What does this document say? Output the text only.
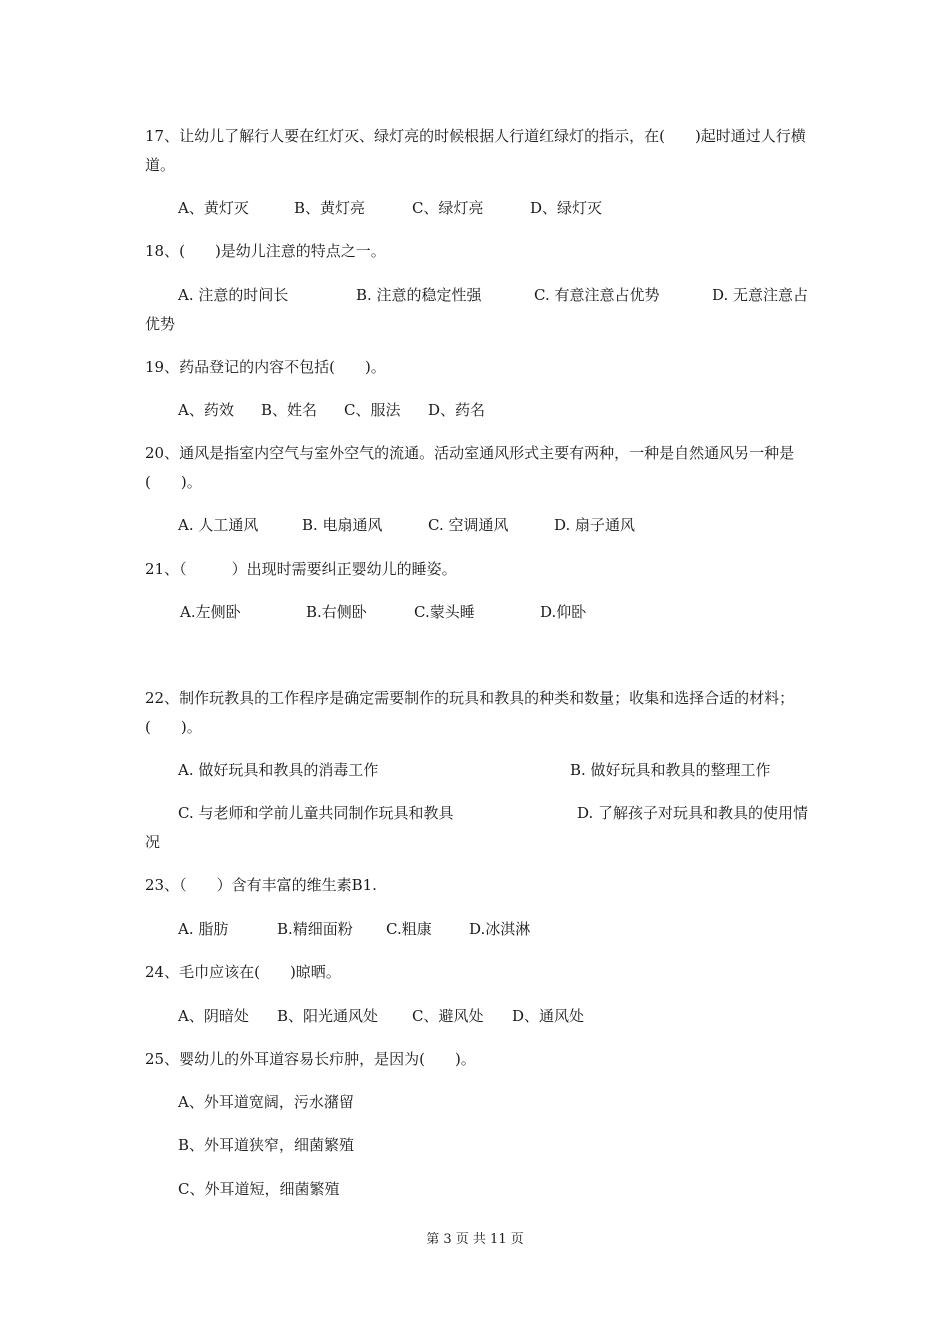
17、让幼儿了解行人要在红灯灭、绿灯亮的时候根据人行道红绿灯的指示，在(　　)起时通过人行横道。
A、黄灯灭	B、黄灯亮	C、绿灯亮	D、绿灯灭
18、(　　)是幼儿注意的特点之一。
A. 注意的时间长	B. 注意的稳定性强	C. 有意注意占优势	D. 无意注意占优势
19、药品登记的内容不包括(　　)。
A、药效 B、姓名 C、服法 D、药名
20、通风是指室内空气与室外空气的流通。活动室通风形式主要有两种，一种是自然通风另一种是(　　)。
A. 人工通风	B. 电扇通风	C. 空调通风	D. 扇子通风
21、（　　　）出现时需要纠正婴幼儿的睡姿。
A.左侧卧	B.右侧卧	C.蒙头睡	D.仰卧
22、制作玩教具的工作程序是确定需要制作的玩具和教具的种类和数量；收集和选择合适的材料；(　　)。
A. 做好玩具和教具的消毒工作	B. 做好玩具和教具的整理工作
C. 与老师和学前儿童共同制作玩具和教具	D. 了解孩子对玩具和教具的使用情况
23、（　　）含有丰富的维生素B1.
A. 脂肪	B.精细面粉 C.粗康 D.冰淇淋
24、毛巾应该在(　　)晾晒。
A、阴暗处 B、阳光通风处 C、避风处 D、通风处
25、婴幼儿的外耳道容易长疖肿，是因为(　　)。
A、外耳道宽阔，污水潴留
B、外耳道狭窄，细菌繁殖
C、外耳道短，细菌繁殖
第 3 页 共 11 页
